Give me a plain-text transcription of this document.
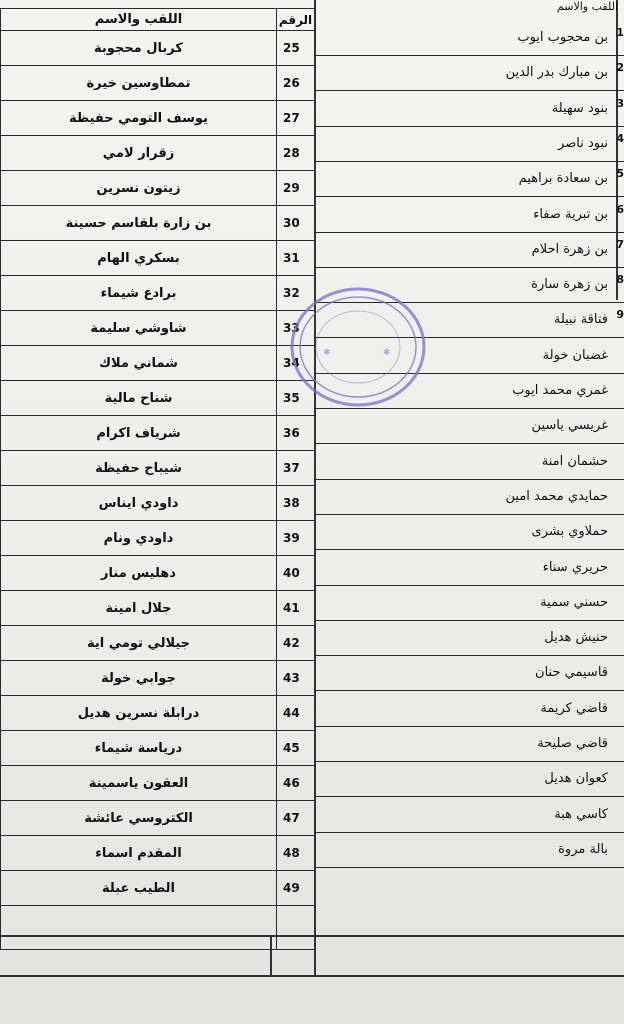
اللقب والاسم	الرقم
كربال محجوبة	25
تمطاوسين خيرة	26
يوسف التومي حفيظة	27
زقرار لامي	28
زيتون نسرين	29
بن زارة بلقاسم حسينة	30
بسكري الهام	31
برادع شيماء	32
شاوشي سليمة	33
شماني ملاك	34
شناح مالية	35
شرياف اكرام	36
شيباح حفيظة	37
داودي ايناس	38
داودي ونام	39
دهليس منار	40
جلال امينة	41
جيلالي تومي اية	42
جوابي خولة	43
درابلة نسرين هديل	44
درياسة شيماء	45
العقون ياسمينة	46
الكتروسي عائشة	47
المقدم اسماء	48
الطيب عبلة	49

اللقب والاسم
بن محجوب ايوب 1
بن مبارك بدر الدين 2
بنود سهيلة 3
نبود ناصر 4
بن سعادة براهيم 5
بن تبرية صفاء 6
بن زهرة احلام 7
بن زهرة سارة 8
فتاقة نبيلة 9
غضبان خولة
غمري محمد ايوب
غريسي ياسين
حشمان امنة
حمايدي محمد امين
حملاوي بشرى
حريري سناء
حسني سمية
حنيش هديل
قاسيمي حنان
قاضي كريمة
قاضي صليحة
كعوان هديل
كاسي هبة
بالة مروة
✱
✱
